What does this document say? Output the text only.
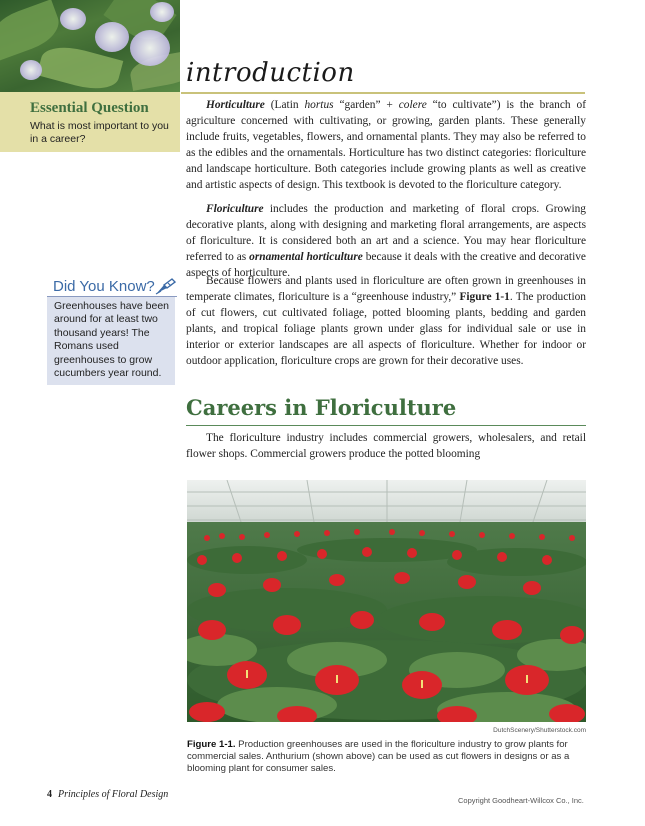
introduction
Essential Question
What is most important to you in a career?
Did You Know?
Greenhouses have been around for at least two thousand years! The Romans used greenhouses to grow cucumbers year round.

Horticulture (Latin hortus “garden” + colere “to cultivate”) is the branch of agriculture concerned with cultivating, or growing, garden plants. These generally include fruits, vegetables, flowers, and ornamental plants. They may also be referred to as the edibles and the ornamentals. Horticulture has two distinct categories: floriculture and landscape horticulture. Both categories include growing plants as well as creative and artistic aspects of design. This textbook is devoted to the floriculture category.

Floriculture includes the production and marketing of floral crops. Growing decorative plants, along with designing and marketing floral arrangements, are aspects of floriculture. It is considered both an art and a science. You may hear floriculture referred to as ornamental horticulture because it deals with the creative and decorative aspects of horticulture.

Because flowers and plants used in floriculture are often grown in greenhouses in temperate climates, floriculture is a “greenhouse industry,” Figure 1-1. The production of cut flowers, cut cultivated foliage, potted blooming plants, bedding and garden plants, and tropical foliage plants grown under glass for individual sale or use in interior or exterior landscapes are all aspects of floriculture. Whether for indoor or outdoor application, floriculture crops are grown for their decorative uses.

Careers in Floriculture

The floriculture industry includes commercial growers, wholesalers, and retail flower shops. Commercial growers produce the potted blooming

DutchScenery/Shutterstock.com
Figure 1-1. Production greenhouses are used in the floriculture industry to grow plants for commercial sales. Anthurium (shown above) can be used as cut flowers in designs or as a blooming plant for consumer sales.
4 Principles of Floral Design
Copyright Goodheart-Willcox Co., Inc.
